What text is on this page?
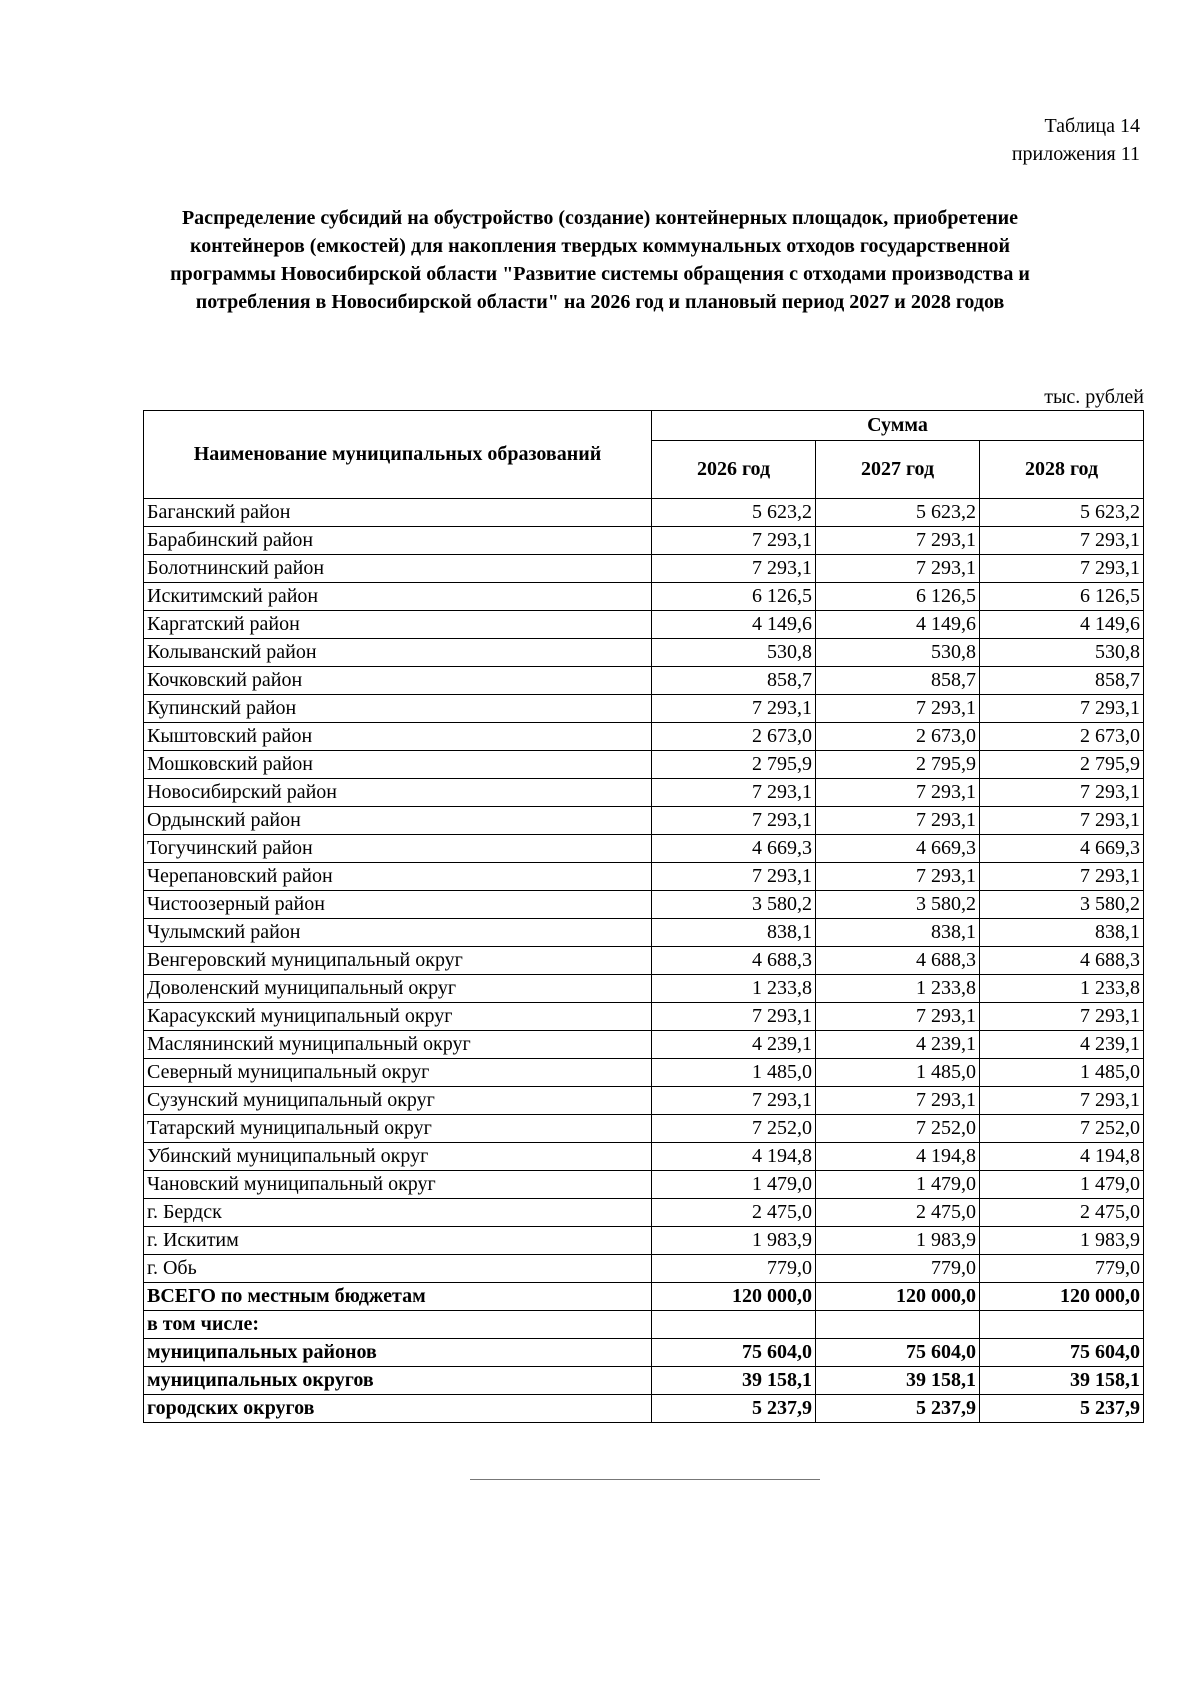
Таблица 14
приложения 11
Распределение субсидий на обустройство (создание) контейнерных площадок, приобретение контейнеров (емкостей) для накопления твердых коммунальных отходов государственной программы Новосибирской области "Развитие системы обращения с отходами производства и потребления в Новосибирской области" на 2026 год и плановый период 2027 и 2028 годов
тыс. рублей
Наименование муниципальных образований	Сумма		
	2026 год	2027 год	2028 год
Баганский район	5 623,2	5 623,2	5 623,2
Барабинский район	7 293,1	7 293,1	7 293,1
Болотнинский район	7 293,1	7 293,1	7 293,1
Искитимский район	6 126,5	6 126,5	6 126,5
Каргатский район	4 149,6	4 149,6	4 149,6
Колыванский район	530,8	530,8	530,8
Кочковский район	858,7	858,7	858,7
Купинский район	7 293,1	7 293,1	7 293,1
Кыштовский район	2 673,0	2 673,0	2 673,0
Мошковский район	2 795,9	2 795,9	2 795,9
Новосибирский район	7 293,1	7 293,1	7 293,1
Ордынский район	7 293,1	7 293,1	7 293,1
Тогучинский район	4 669,3	4 669,3	4 669,3
Черепановский район	7 293,1	7 293,1	7 293,1
Чистоозерный район	3 580,2	3 580,2	3 580,2
Чулымский район	838,1	838,1	838,1
Венгеровский муниципальный округ	4 688,3	4 688,3	4 688,3
Доволенский муниципальный округ	1 233,8	1 233,8	1 233,8
Карасукский муниципальный округ	7 293,1	7 293,1	7 293,1
Маслянинский муниципальный округ	4 239,1	4 239,1	4 239,1
Северный муниципальный округ	1 485,0	1 485,0	1 485,0
Сузунский муниципальный округ	7 293,1	7 293,1	7 293,1
Татарский муниципальный округ	7 252,0	7 252,0	7 252,0
Убинский муниципальный округ	4 194,8	4 194,8	4 194,8
Чановский муниципальный округ	1 479,0	1 479,0	1 479,0
г. Бердск	2 475,0	2 475,0	2 475,0
г. Искитим	1 983,9	1 983,9	1 983,9
г. Обь	779,0	779,0	779,0
ВСЕГО по местным бюджетам	120 000,0	120 000,0	120 000,0
в том числе:			
муниципальных районов	75 604,0	75 604,0	75 604,0
муниципальных округов	39 158,1	39 158,1	39 158,1
городских округов	5 237,9	5 237,9	5 237,9
